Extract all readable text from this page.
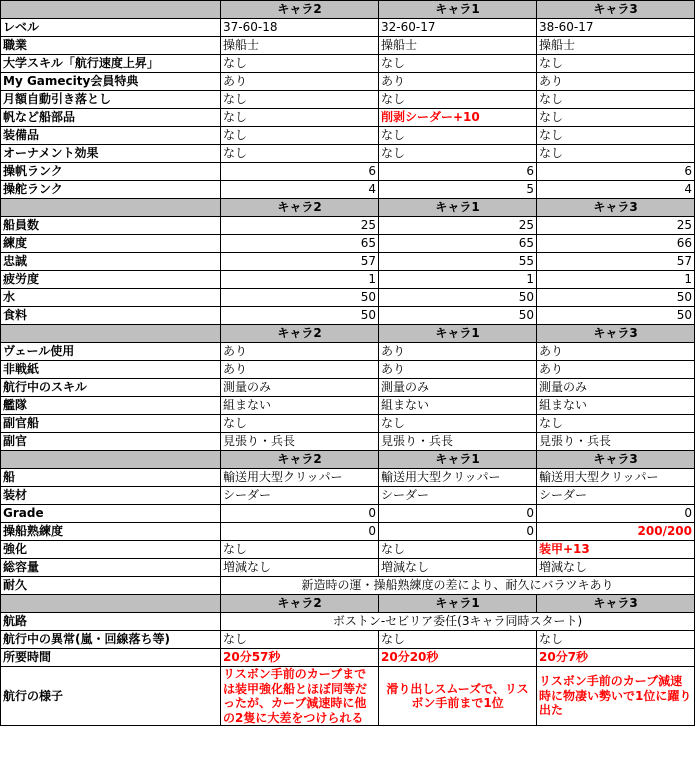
	キャラ2	キャラ1	キャラ3
レベル	37-60-18	32-60-17	38-60-17
職業	操船士	操船士	操船士
大学スキル「航行速度上昇」	なし	なし	なし
My Gamecity会員特典	あり	あり	あり
月額自動引き落とし	なし	なし	なし
帆など船部品	なし	削剥シーダー+10	なし
装備品	なし	なし	なし
オーナメント効果	なし	なし	なし
操帆ランク	6	6	6
操舵ランク	4	5	4
	キャラ2	キャラ1	キャラ3
船員数	25	25	25
練度	65	65	66
忠誠	57	55	57
疲労度	1	1	1
水	50	50	50
食料	50	50	50
	キャラ2	キャラ1	キャラ3
ヴェール使用	あり	あり	あり
非戦紙	あり	あり	あり
航行中のスキル	測量のみ	測量のみ	測量のみ
艦隊	組まない	組まない	組まない
副官船	なし	なし	なし
副官	見張り・兵長	見張り・兵長	見張り・兵長
	キャラ2	キャラ1	キャラ3
船	輸送用大型クリッパー	輸送用大型クリッパー	輸送用大型クリッパー
装材	シーダー	シーダー	シーダー
Grade	0	0	0
操船熟練度	0	0	200/200
強化	なし	なし	装甲+13
総容量	増減なし	増減なし	増減なし
耐久	新造時の運・操船熟練度の差により、耐久にバラツキあり		
	キャラ2	キャラ1	キャラ3
航路	ボストン-セビリア委任(3キャラ同時スタート)		
航行中の異常(嵐・回線落ち等)	なし	なし	なし
所要時間	20分57秒	20分20秒	20分7秒
航行の様子	リスボン手前のカーブまでは装甲強化船とほぼ同等だったが、カーブ減速時に他の2隻に大差をつけられる	滑り出しスムーズで、リスボン手前まで1位	リスボン手前のカーブ減速時に物凄い勢いで1位に躍り出た
